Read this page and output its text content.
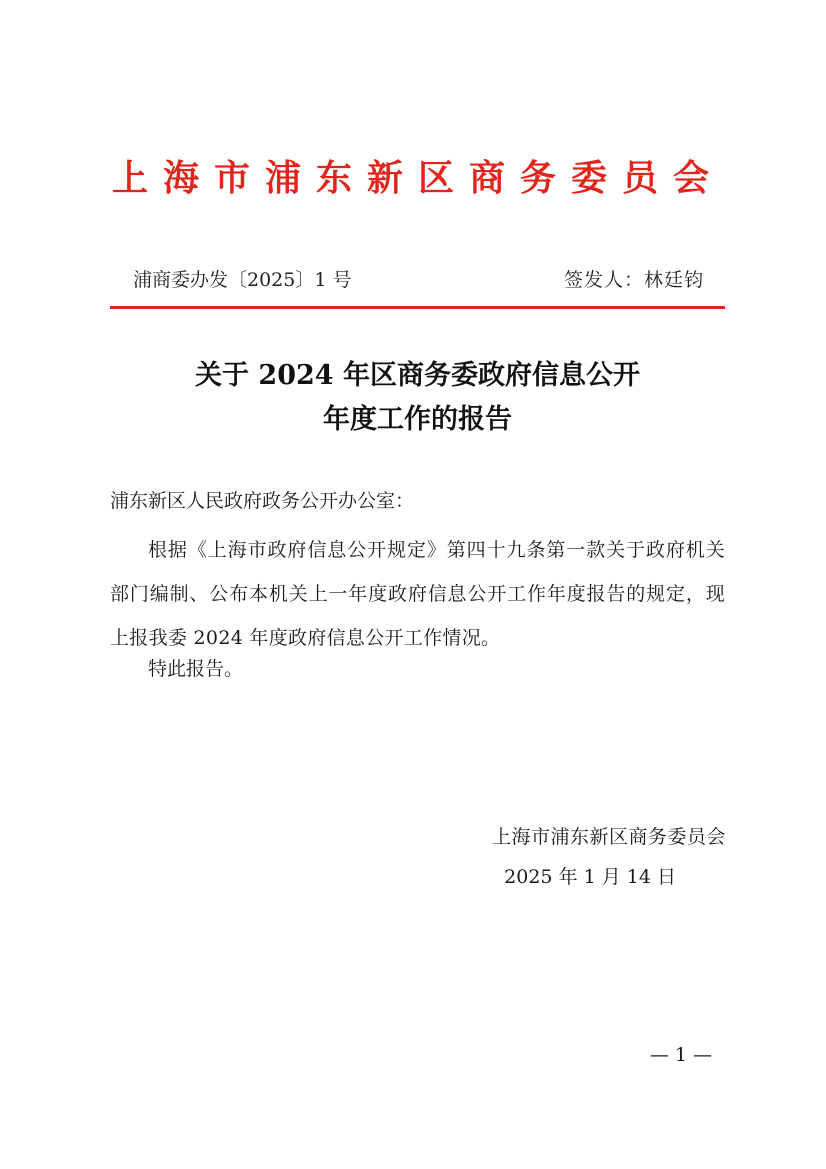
上海市浦东新区商务委员会
浦商委办发〔2025〕1 号	签发人：林廷钧
关于 2024 年区商务委政府信息公开
年度工作的报告
浦东新区人民政府政务公开办公室：

根据《上海市政府信息公开规定》第四十九条第一款关于政府机关部门编制、公布本机关上一年度政府信息公开工作年度报告的规定，现上报我委 2024 年度政府信息公开工作情况。

特此报告。
上海市浦东新区商务委员会
2025 年 1 月 14 日
— 1 —
